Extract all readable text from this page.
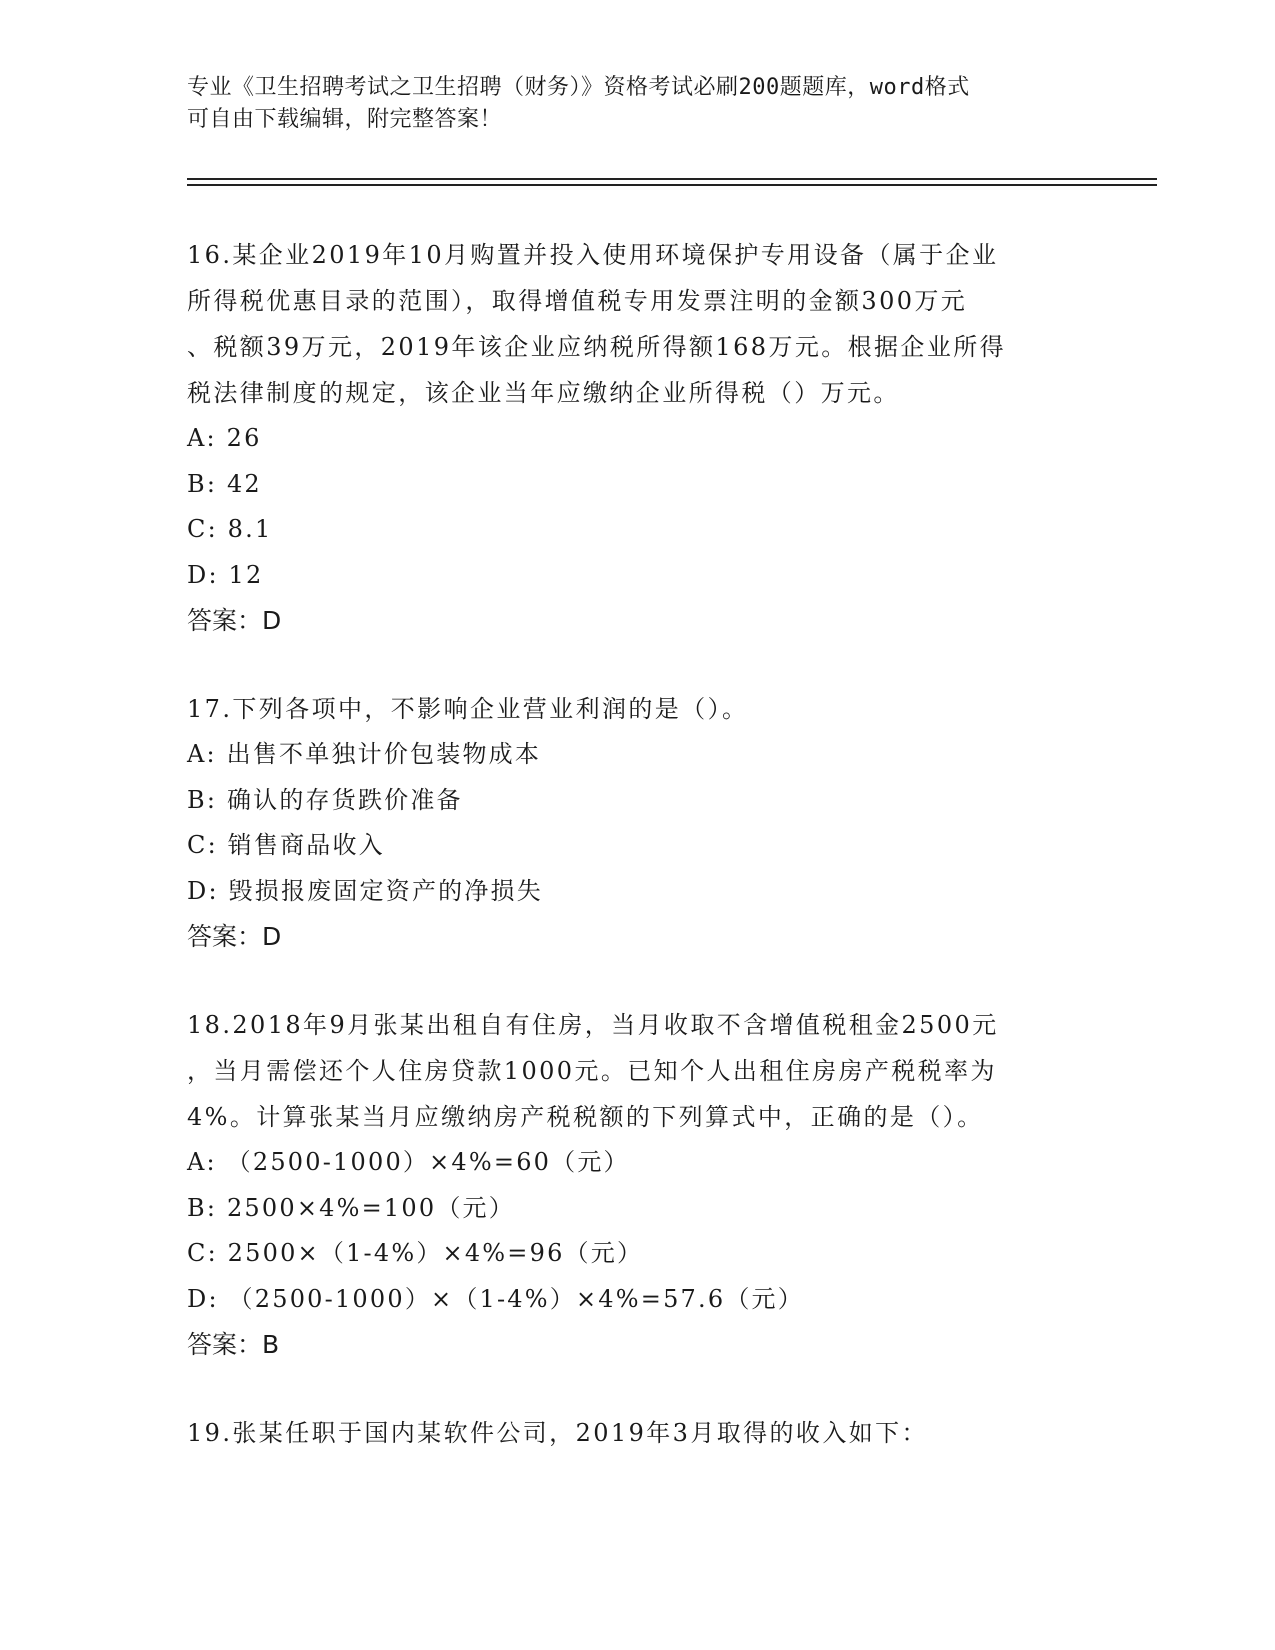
专业《卫生招聘考试之卫生招聘（财务）》资格考试必刷200题题库，word格式

可自由下载编辑，附完整答案！

16.某企业2019年10月购置并投入使用环境保护专用设备（属于企业
所得税优惠目录的范围），取得增值税专用发票注明的金额300万元
、税额39万元，2019年该企业应纳税所得额168万元。根据企业所得
税法律制度的规定，该企业当年应缴纳企业所得税（）万元。

A: 26

B: 42

C: 8.1

D: 12

答案：D

17.下列各项中，不影响企业营业利润的是（）。

A: 出售不单独计价包装物成本

B: 确认的存货跌价准备

C: 销售商品收入

D: 毁损报废固定资产的净损失

答案：D

18.2018年9月张某出租自有住房，当月收取不含增值税租金2500元
，当月需偿还个人住房贷款1000元。已知个人出租住房房产税税率为
4%。计算张某当月应缴纳房产税税额的下列算式中，正确的是（）。

A: （2500-1000）×4%=60（元）

B: 2500×4%=100（元）

C: 2500×（1-4%）×4%=96（元）

D: （2500-1000）×（1-4%）×4%=57.6（元）

答案：B

19.张某任职于国内某软件公司，2019年3月取得的收入如下：
